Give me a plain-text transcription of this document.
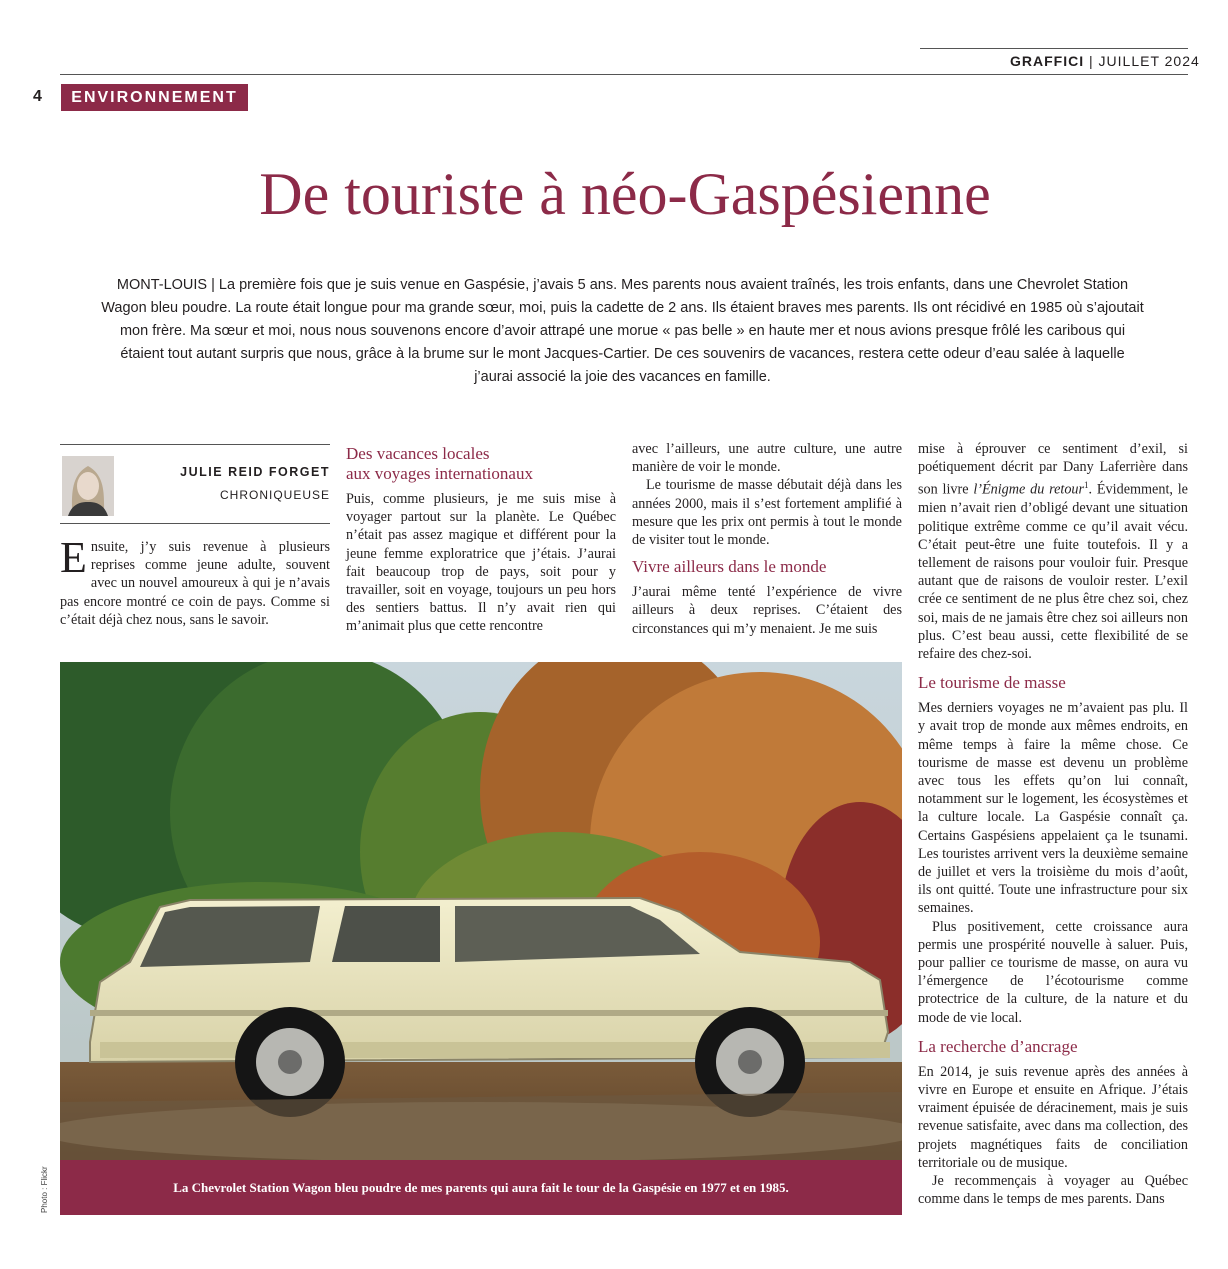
GRAFFICI | JUILLET 2024
4	ENVIRONNEMENT
De touriste à néo-Gaspésienne
MONT-LOUIS | La première fois que je suis venue en Gaspésie, j’avais 5 ans. Mes parents nous avaient traînés, les trois enfants, dans une Chevrolet Station Wagon bleu poudre. La route était longue pour ma grande sœur, moi, puis la cadette de 2 ans. Ils étaient braves mes parents. Ils ont récidivé en 1985 où s’ajoutait mon frère. Ma sœur et moi, nous nous souvenons encore d’avoir attrapé une morue « pas belle » en haute mer et nous avions presque frôlé les caribous qui étaient tout autant surpris que nous, grâce à la brume sur le mont Jacques-Cartier. De ces souvenirs de vacances, restera cette odeur d’eau salée à laquelle j’aurai associé la joie des vacances en famille.
JULIE REID FORGET
CHRONIQUEUSE

Ensuite, j’y suis revenue à plusieurs reprises comme jeune adulte, souvent avec un nouvel amoureux à qui je n’avais pas encore montré ce coin de pays. Comme si c’était déjà chez nous, sans le savoir.

Des vacances locales
aux voyages internationaux

Puis, comme plusieurs, je me suis mise à voyager partout sur la planète. Le Québec n’était pas assez magique et différent pour la jeune femme exploratrice que j’étais. J’aurai fait beaucoup trop de pays, soit pour y travailler, soit en voyage, toujours un peu hors des sentiers battus. Il n’y avait rien qui m’animait plus que cette rencontre

avec l’ailleurs, une autre culture, une autre manière de voir le monde.

Le tourisme de masse débutait déjà dans les années 2000, mais il s’est fortement amplifié à mesure que les prix ont permis à tout le monde de visiter tout le monde.

Vivre ailleurs dans le monde

J’aurai même tenté l’expérience de vivre ailleurs à deux reprises. C’étaient des circonstances qui m’y menaient. Je me suis

mise à éprouver ce sentiment d’exil, si poétiquement décrit par Dany Laferrière dans son livre l’Énigme du retour$^1$. Évidemment, le mien n’avait rien d’obligé devant une situation politique extrême comme ce qu’il avait vécu. C’était peut-être une fuite toutefois. Il y a tellement de raisons pour vouloir fuir. Presque autant que de raisons de vouloir rester. L’exil crée ce sentiment de ne plus être chez soi, chez soi, mais de ne jamais être chez soi ailleurs non plus. C’est beau aussi, cette flexibilité de se refaire des chez-soi.

Le tourisme de masse

Mes derniers voyages ne m’avaient pas plu. Il y avait trop de monde aux mêmes endroits, en même temps à faire la même chose. Ce tourisme de masse est devenu un problème avec tous les effets qu’on lui connaît, notamment sur le logement, les écosystèmes et la culture locale. La Gaspésie connaît ça. Certains Gaspésiens appelaient ça le tsunami. Les touristes arrivent vers la deuxième semaine de juillet et vers la troisième du mois d’août, ils ont quitté. Toute une infrastructure pour six semaines.

Plus positivement, cette croissance aura permis une prospérité nouvelle à saluer. Puis, pour pallier ce tourisme de masse, on aura vu l’émergence de l’écotourisme comme protectrice de la culture, de la nature et du mode de vie local.

La recherche d’ancrage

En 2014, je suis revenue après des années à vivre en Europe et ensuite en Afrique. J’étais vraiment épuisée de déracinement, mais je suis revenue satisfaite, avec dans ma collection, des projets magnétiques faits de conciliation territoriale ou de musique.

Je recommençais à voyager au Québec comme dans le temps de mes parents. Dans

La Chevrolet Station Wagon bleu poudre de mes parents qui aura fait le tour de la Gaspésie en 1977 et en 1985.
Photo : Flickr
